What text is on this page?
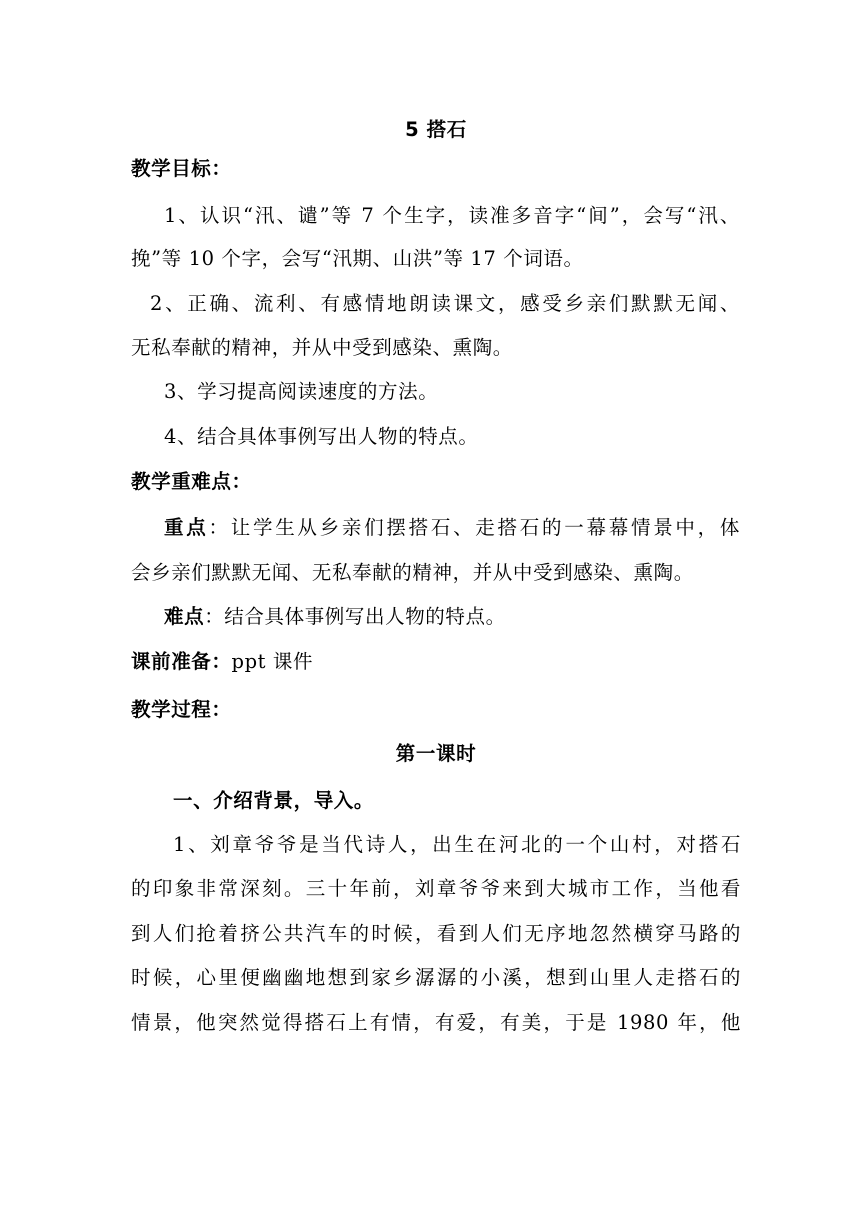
5 搭石
教学目标：
1、认识“汛、谴”等 7 个生字，读准多音字“间”，会写“汛、
挽”等 10 个字，会写“汛期、山洪”等 17 个词语。
2、正确、流利、有感情地朗读课文，感受乡亲们默默无闻、
无私奉献的精神，并从中受到感染、熏陶。
3、学习提高阅读速度的方法。
4、结合具体事例写出人物的特点。
教学重难点：
重点：让学生从乡亲们摆搭石、走搭石的一幕幕情景中，体
会乡亲们默默无闻、无私奉献的精神，并从中受到感染、熏陶。
难点：结合具体事例写出人物的特点。
课前准备：ppt 课件
教学过程：
第一课时
一、介绍背景，导入。
1、刘章爷爷是当代诗人，出生在河北的一个山村，对搭石
的印象非常深刻。三十年前，刘章爷爷来到大城市工作，当他看
到人们抢着挤公共汽车的时候，看到人们无序地忽然横穿马路的
时候，心里便幽幽地想到家乡潺潺的小溪，想到山里人走搭石的
情景，他突然觉得搭石上有情，有爱，有美，于是 1980 年，他
